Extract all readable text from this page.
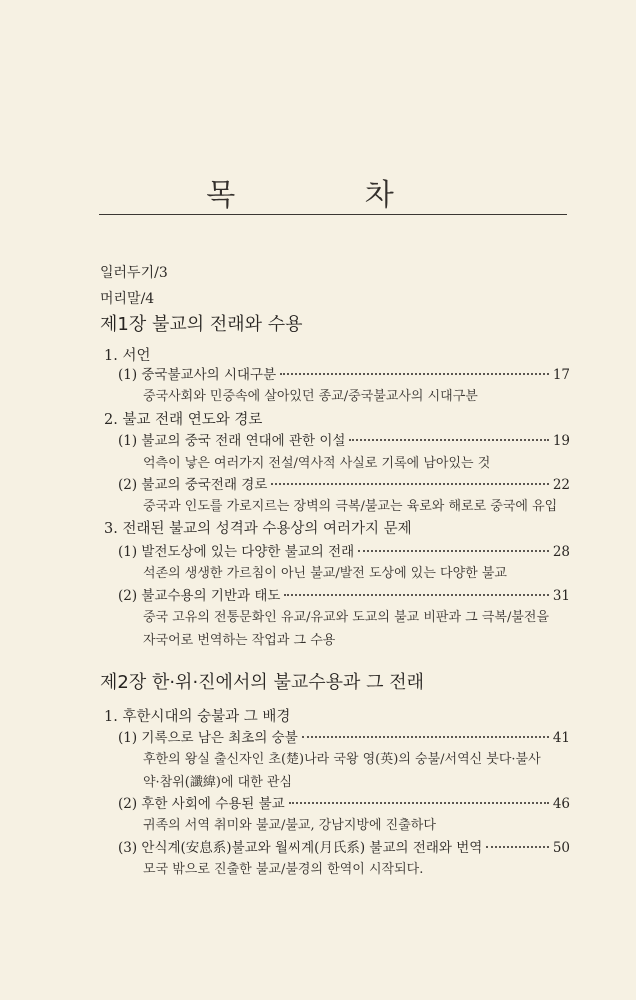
목 차
일러두기/3
머리말/4
제1장 불교의 전래와 수용
1. 서언
(1) 중국불교사의 시대구분	17
중국사회와 민중속에 살아있던 종교/중국불교사의 시대구분
2. 불교 전래 연도와 경로
(1) 불교의 중국 전래 연대에 관한 이설	19
억측이 낳은 여러가지 전설/역사적 사실로 기록에 남아있는 것
(2) 불교의 중국전래 경로	22
중국과 인도를 가로지르는 장벽의 극복/불교는 육로와 해로로 중국에 유입
3. 전래된 불교의 성격과 수용상의 여러가지 문제
(1) 발전도상에 있는 다양한 불교의 전래	28
석존의 생생한 가르침이 아닌 불교/발전 도상에 있는 다양한 불교
(2) 불교수용의 기반과 태도	31
중국 고유의 전통문화인 유교/유교와 도교의 불교 비판과 그 극복/불전을
자국어로 번역하는 작업과 그 수용
제2장 한·위·진에서의 불교수용과 그 전래
1. 후한시대의 숭불과 그 배경
(1) 기록으로 남은 최초의 숭불	41
후한의 왕실 출신자인 초(楚)나라 국왕 영(英)의 숭불/서역신 붓다·불사
약·참위(讖緯)에 대한 관심
(2) 후한 사회에 수용된 불교	46
귀족의 서역 취미와 불교/불교, 강남지방에 진출하다
(3) 안식계(安息系)불교와 월씨계(月氏系) 불교의 전래와 번역	50
모국 밖으로 진출한 불교/불경의 한역이 시작되다.
